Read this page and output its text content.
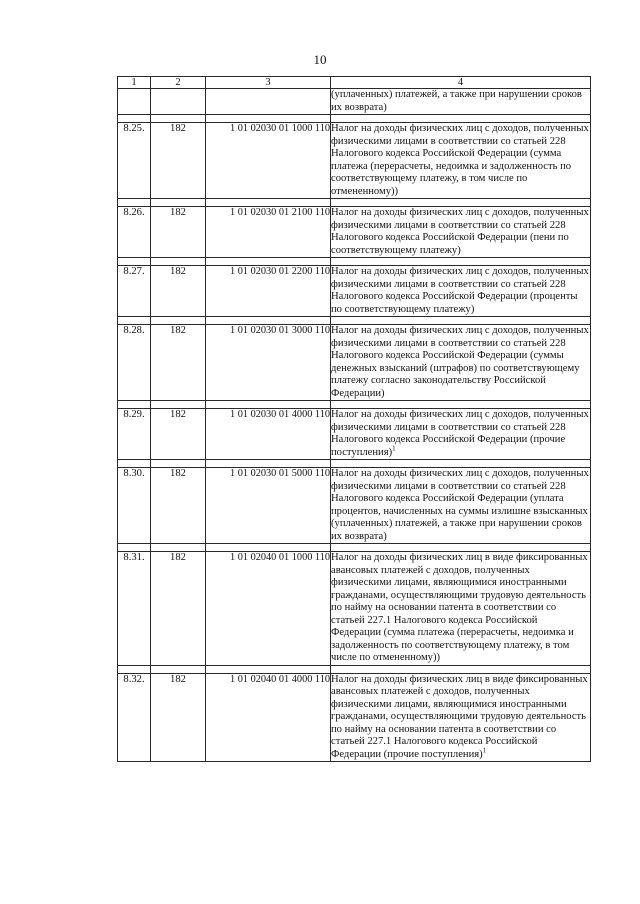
10
1	2	3	4
			(уплаченных) платежей, а также при нарушении сроков их возврата)

8.25.	182	1 01 02030 01 1000 110	Налог на доходы физических лиц с доходов, полученных физическими лицами в соответствии со статьей 228 Налогового кодекса Российской Федерации (сумма платежа (перерасчеты, недоимка и задолженность по соответствующему платежу, в том числе по отмененному))

8.26.	182	1 01 02030 01 2100 110	Налог на доходы физических лиц с доходов, полученных физическими лицами в соответствии со статьей 228 Налогового кодекса Российской Федерации (пени по соответствующему платежу)

8.27.	182	1 01 02030 01 2200 110	Налог на доходы физических лиц с доходов, полученных физическими лицами в соответствии со статьей 228 Налогового кодекса Российской Федерации (проценты по соответствующему платежу)

8.28.	182	1 01 02030 01 3000 110	Налог на доходы физических лиц с доходов, полученных физическими лицами в соответствии со статьей 228 Налогового кодекса Российской Федерации (суммы денежных взысканий (штрафов) по соответствующему платежу согласно законодательству Российской Федерации)

8.29.	182	1 01 02030 01 4000 110	Налог на доходы физических лиц с доходов, полученных физическими лицами в соответствии со статьей 228 Налогового кодекса Российской Федерации (прочие поступления)$^1$

8.30.	182	1 01 02030 01 5000 110	Налог на доходы физических лиц с доходов, полученных физическими лицами в соответствии со статьей 228 Налогового кодекса Российской Федерации (уплата процентов, начисленных на суммы излишне взысканных (уплаченных) платежей, а также при нарушении сроков их возврата)

8.31.	182	1 01 02040 01 1000 110	Налог на доходы физических лиц в виде фиксированных авансовых платежей с доходов, полученных физическими лицами, являющимися иностранными гражданами, осуществляющими трудовую деятельность по найму на основании патента в соответствии со статьей 227.1 Налогового кодекса Российской Федерации (сумма платежа (перерасчеты, недоимка и задолженность по соответствующему платежу, в том числе по отмененному))

8.32.	182	1 01 02040 01 4000 110	Налог на доходы физических лиц в виде фиксированных авансовых платежей с доходов, полученных физическими лицами, являющимися иностранными гражданами, осуществляющими трудовую деятельность по найму на основании патента в соответствии со статьей 227.1 Налогового кодекса Российской Федерации (прочие поступления)$^1$
